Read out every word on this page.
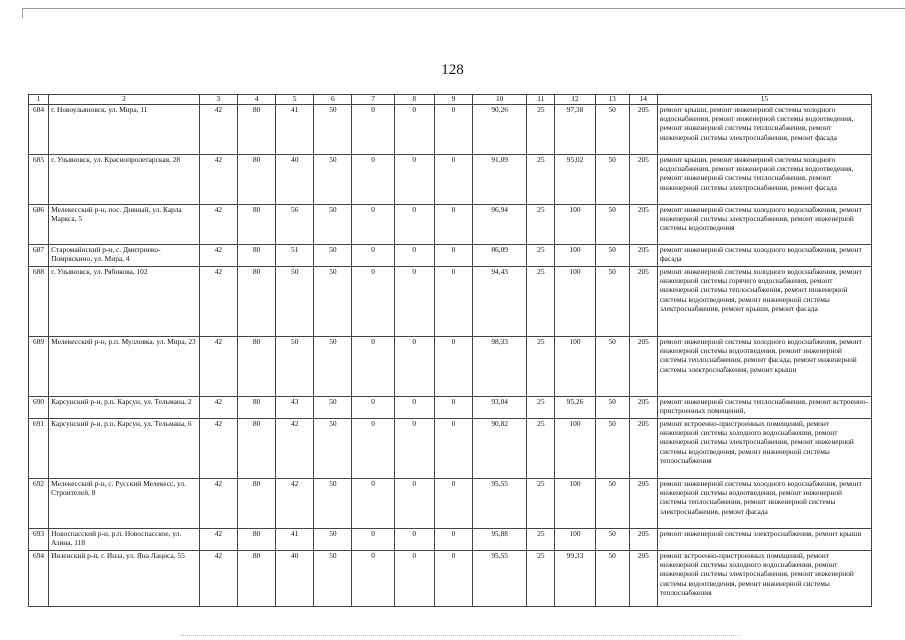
128
1	2	3	4	5	6	7	8	9	10	11	12	13	14	15
684	г. Новоульяновск, ул. Мира, 11	42	80	41	50	0	0	0	90,26	25	97,38	50	205	ремонт крыши, ремонт инженерной системы холодного водоснабжения, ремонт инженерной системы водоотведения, ремонт инженерной системы теплоснабжения, ремонт инженерной системы электроснабжения, ремонт фасада
685	г. Ульяновск, ул. Краснопролетарская, 28	42	80	40	50	0	0	0	91,09	25	95,02	50	205	ремонт крыши, ремонт инженерной системы холодного водоснабжения, ремонт инженерной системы водоотведения, ремонт инженерной системы теплоснабжения, ремонт инженерной системы электроснабжения, ремонт фасада
686	Мелекесский р-н, пос. Дивный, ул. Карла Маркса, 5	42	80	56	50	0	0	0	96,94	25	100	50	205	ремонт инженерной системы холодного водоснабжения, ремонт инженерной системы электроснабжения, ремонт инженерной системы водоотведения
687	Старомайнский р-н, с. Дмитриево-Помряскино, ул. Мира, 4	42	80	51	50	0	0	0	86,09	25	100	50	205	ремонт инженерной системы холодного водоснабжения, ремонт фасада
688	г. Ульяновск, ул. Рябикова, 102	42	80	50	50	0	0	0	94,43	25	100	50	205	ремонт инженерной системы холодного водоснабжения, ремонт инженерной системы горячего водоснабжения, ремонт инженерной системы теплоснабжения, ремонт инженерной системы водоотведения, ремонт инженерной системы электроснабжения, ремонт крыши, ремонт фасада
689	Мелекесский р-н, р.п. Мулловка, ул. Мира, 23	42	80	50	50	0	0	0	98,33	25	100	50	205	ремонт инженерной системы холодного водоснабжения, ремонт инженерной системы водоотведения, ремонт инженерной системы теплоснабжения, ремонт фасада, ремонт инженерной системы электроснабжения, ремонт крыши
690	Карсунский р-н, р.п. Карсун, ул. Тельмана, 2	42	80	43	50	0	0	0	93,04	25	95,26	50	205	ремонт инженерной системы теплоснабжения, ремонт встроенно-пристроенных помещений,
691	Карсунский р-н, р.п. Карсун, ул. Тельмана, 6	42	80	42	50	0	0	0	90,82	25	100	50	205	ремонт встроенно-пристроенных помещений, ремонт инженерной системы холодного водоснабжения, ремонт инженерной системы электроснабжения, ремонт инженерной системы водоотведения, ремонт инженерной системы теплоснабжения
692	Мелекесский р-н, с. Русский Мелекесс, ул. Строителей, 8	42	80	42	50	0	0	0	95,55	25	100	50	205	ремонт инженерной системы холодного водоснабжения, ремонт инженерной системы водоотведения, ремонт инженерной системы теплоснабжения, ремонт инженерной системы электроснабжения, ремонт фасада
693	Новоспасский р-н, р.п. Новоспасское, ул. Азина, 118	42	80	41	50	0	0	0	95,88	25	100	50	205	ремонт инженерной системы электроснабжения, ремонт крыши
694	Инзенский р-н, г. Инза, ул. Яна Лациса, 55	42	80	40	50	0	0	0	95,55	25	99,33	50	205	ремонт встроенно-пристроенных помещений, ремонт инженерной системы холодного водоснабжения, ремонт инженерной системы электроснабжения, ремонт инженерной системы водоотведения, ремонт инженерной системы теплоснабжения
